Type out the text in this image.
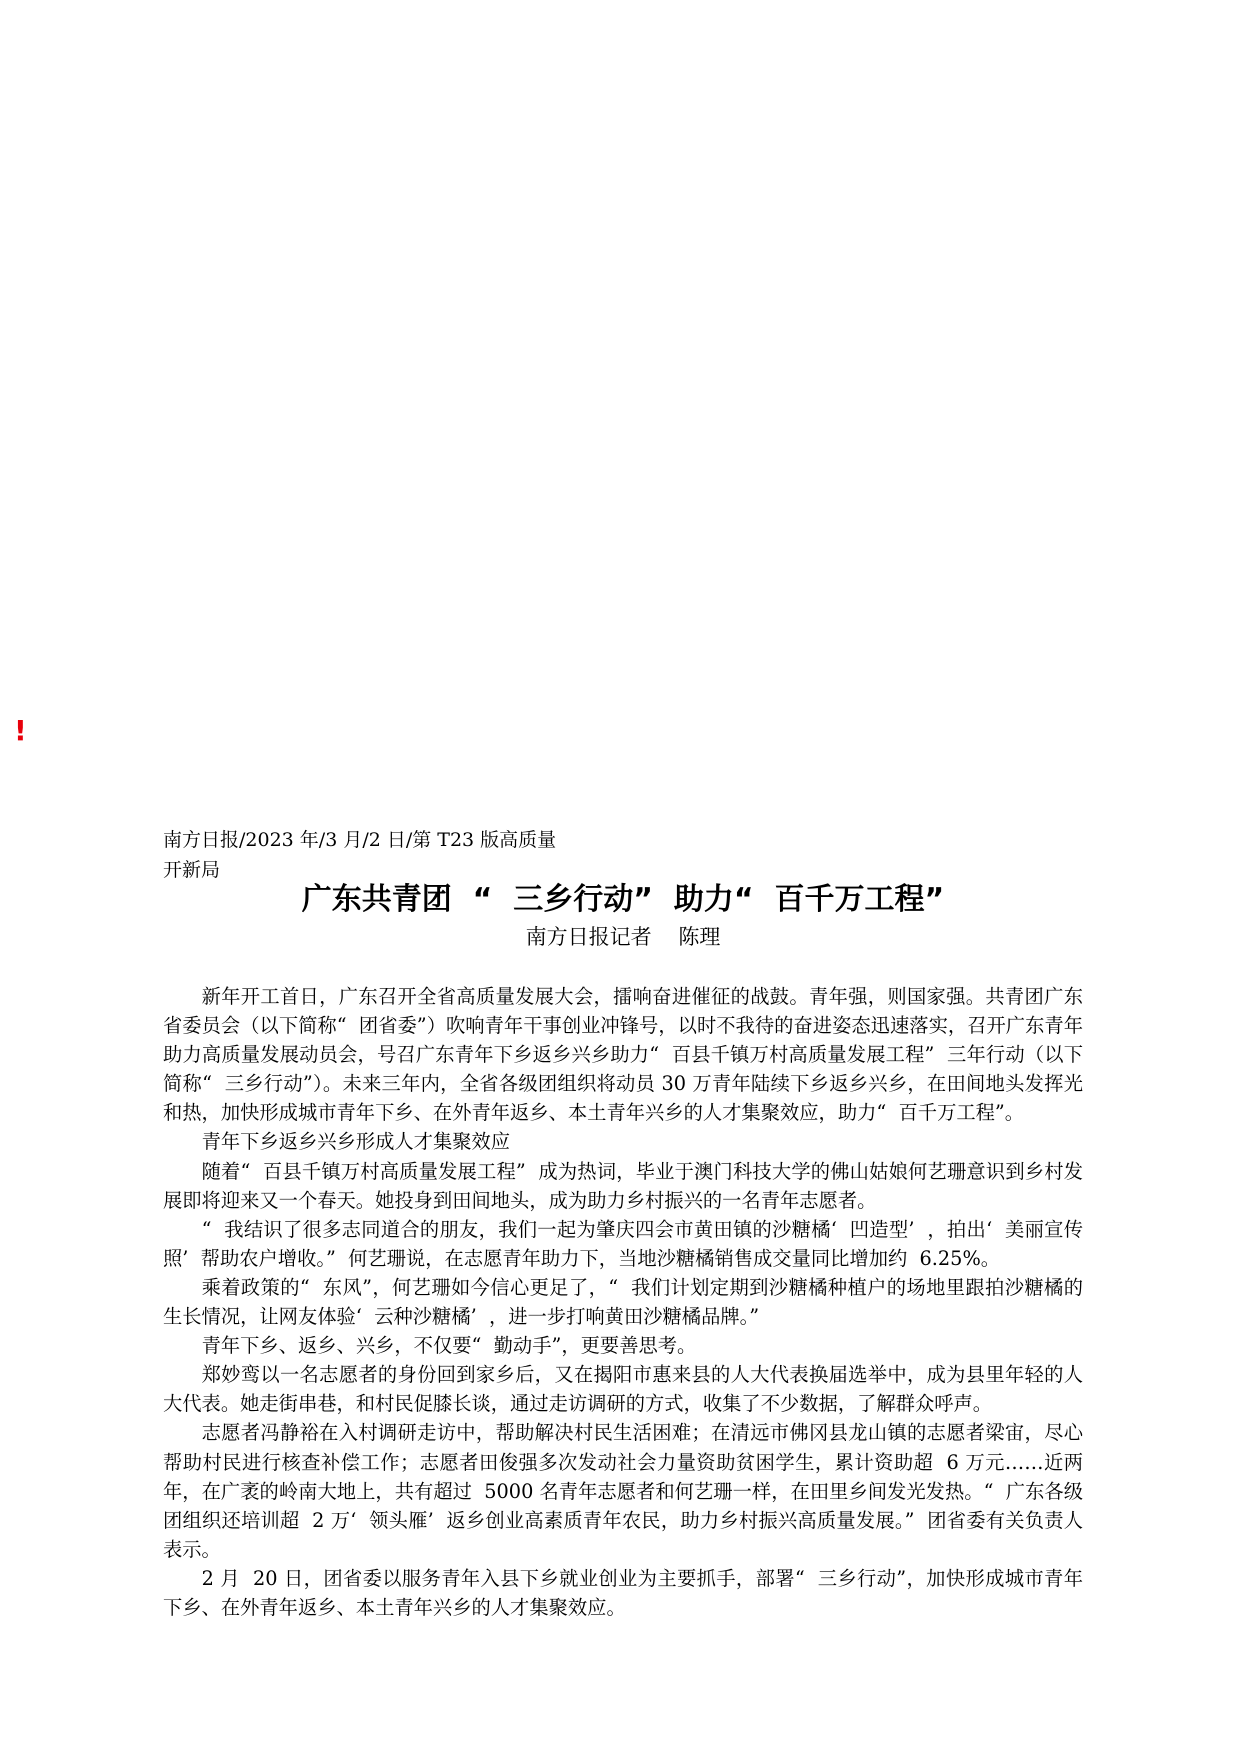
!
南方日报/2023 年/3 月/2 日/第 T23 版高质量开新局
广东共青团  “  三乡行动”  助力“  百千万工程”
南方日报记者    陈理

新年开工首日，广东召开全省高质量发展大会，擂响奋进催征的战鼓。青年强，则国家强。共青团广东省委员会（以下简称“  团省委”）吹响青年干事创业冲锋号，以时不我待的奋进姿态迅速落实，召开广东青年助力高质量发展动员会，号召广东青年下乡返乡兴乡助力“  百县千镇万村高质量发展工程”  三年行动（以下简称“  三乡行动”）。未来三年内，全省各级团组织将动员 30 万青年陆续下乡返乡兴乡，在田间地头发挥光和热，加快形成城市青年下乡、在外青年返乡、本土青年兴乡的人才集聚效应，助力“  百千万工程”。

青年下乡返乡兴乡形成人才集聚效应

随着“  百县千镇万村高质量发展工程”  成为热词，毕业于澳门科技大学的佛山姑娘何艺珊意识到乡村发展即将迎来又一个春天。她投身到田间地头，成为助力乡村振兴的一名青年志愿者。

“  我结识了很多志同道合的朋友，我们一起为肇庆四会市黄田镇的沙糖橘‘  凹造型’  ，拍出‘  美丽宣传照’  帮助农户增收。”  何艺珊说，在志愿青年助力下，当地沙糖橘销售成交量同比增加约  6.25%。

乘着政策的“  东风”，何艺珊如今信心更足了，“  我们计划定期到沙糖橘种植户的场地里跟拍沙糖橘的生长情况，让网友体验‘  云种沙糖橘’  ，进一步打响黄田沙糖橘品牌。”

青年下乡、返乡、兴乡，不仅要“  勤动手”，更要善思考。

郑妙鸾以一名志愿者的身份回到家乡后，又在揭阳市惠来县的人大代表换届选举中，成为县里年轻的人大代表。她走街串巷，和村民促膝长谈，通过走访调研的方式，收集了不少数据，了解群众呼声。

志愿者冯静裕在入村调研走访中，帮助解决村民生活困难；在清远市佛冈县龙山镇的志愿者梁宙，尽心帮助村民进行核查补偿工作；志愿者田俊强多次发动社会力量资助贫困学生，累计资助超  6 万元……近两年，在广袤的岭南大地上，共有超过  5000 名青年志愿者和何艺珊一样，在田里乡间发光发热。“  广东各级团组织还培训超  2 万‘  领头雁’  返乡创业高素质青年农民，助力乡村振兴高质量发展。”  团省委有关负责人表示。

2 月  20 日，团省委以服务青年入县下乡就业创业为主要抓手，部署“  三乡行动”，加快形成城市青年下乡、在外青年返乡、本土青年兴乡的人才集聚效应。
